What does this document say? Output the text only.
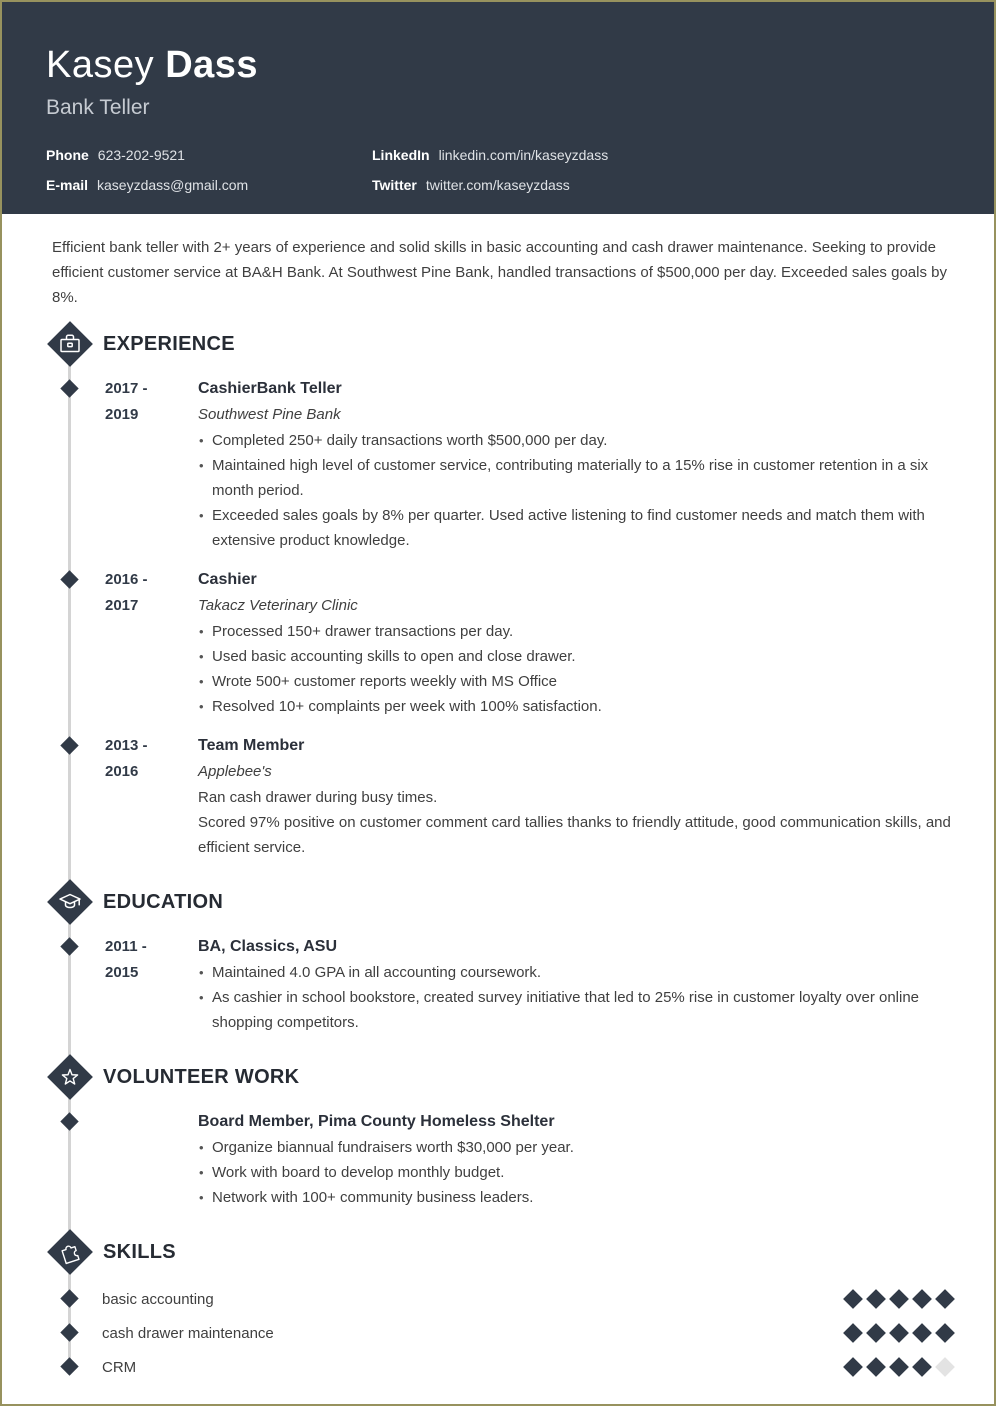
Kasey Dass
Bank Teller
Phone 623-202-9521	LinkedIn linkedin.com/in/kaseyzdass
E-mail kaseyzdass@gmail.com	Twitter twitter.com/kaseyzdass

Efficient bank teller with 2+ years of experience and solid skills in basic accounting and cash drawer maintenance. Seeking to provide efficient customer service at BA&H Bank. At Southwest Pine Bank, handled transactions of $500,000 per day. Exceeded sales goals by 8%.

EXPERIENCE
2017 -
2019
CashierBank Teller
Southwest Pine Bank
• Completed 250+ daily transactions worth $500,000 per day.
• Maintained high level of customer service, contributing materially to a 15% rise in customer retention in a six month period.
• Exceeded sales goals by 8% per quarter. Used active listening to find customer needs and match them with extensive product knowledge.
2016 -
2017
Cashier
Takacz Veterinary Clinic
• Processed 150+ drawer transactions per day.
• Used basic accounting skills to open and close drawer.
• Wrote 500+ customer reports weekly with MS Office
• Resolved 10+ complaints per week with 100% satisfaction.
2013 -
2016
Team Member
Applebee's

Ran cash drawer during busy times.

Scored 97% positive on customer comment card tallies thanks to friendly attitude, good communication skills, and efficient service.

EDUCATION
2011 -
2015
BA, Classics, ASU
• Maintained 4.0 GPA in all accounting coursework.
• As cashier in school bookstore, created survey initiative that led to 25% rise in customer loyalty over online shopping competitors.
VOLUNTEER WORK
Board Member, Pima County Homeless Shelter
• Organize biannual fundraisers worth $30,000 per year.
• Work with board to develop monthly budget.
• Network with 100+ community business leaders.
SKILLS
basic accounting
cash drawer maintenance
CRM
